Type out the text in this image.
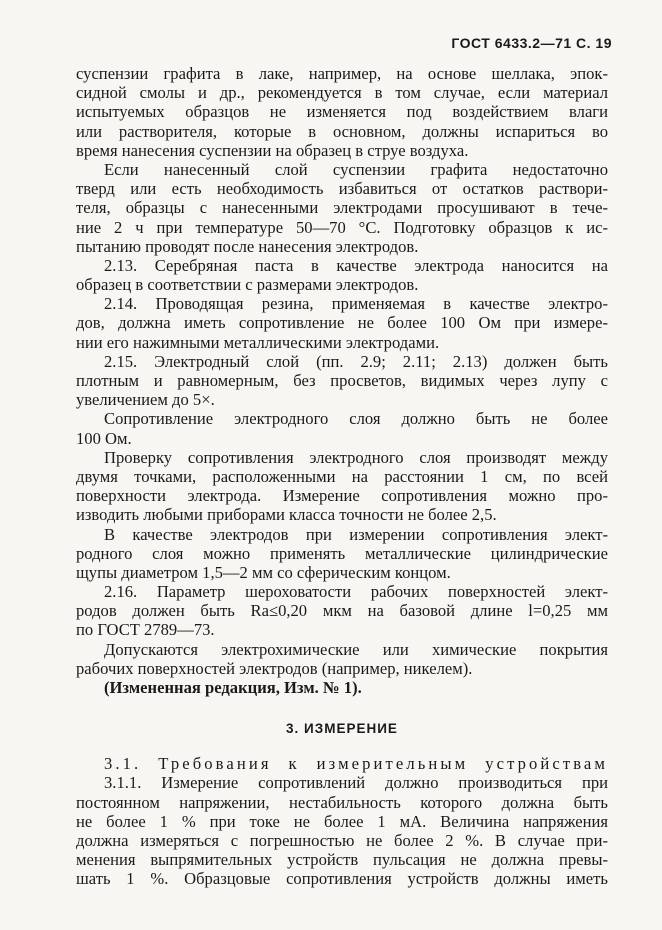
ГОСТ 6433.2—71 С. 19
суспензии графита в лаке, например, на основе шеллака, эпок-
сидной смолы и др., рекомендуется в том случае, если материал
испытуемых образцов не изменяется под воздействием влаги
или растворителя, которые в основном, должны испариться во
время нанесения суспензии на образец в струе воздуха.
Если нанесенный слой суспензии графита недостаточно
тверд или есть необходимость избавиться от остатков раствори-
теля, образцы с нанесенными электродами просушивают в тече-
ние 2 ч при температуре 50—70 °С. Подготовку образцов к ис-
пытанию проводят после нанесения электродов.
2.13. Серебряная паста в качестве электрода наносится на
образец в соответствии с размерами электродов.
2.14. Проводящая резина, применяемая в качестве электро-
дов, должна иметь сопротивление не более 100 Ом при измере-
нии его нажимными металлическими электродами.
2.15. Электродный слой (пп. 2.9; 2.11; 2.13) должен быть
плотным и равномерным, без просветов, видимых через лупу с
увеличением до 5×.
Сопротивление электродного слоя должно быть не более
100 Ом.
Проверку сопротивления электродного слоя производят между
двумя точками, расположенными на расстоянии 1 см, по всей
поверхности электрода. Измерение сопротивления можно про-
изводить любыми приборами класса точности не более 2,5.
В качестве электродов при измерении сопротивления элект-
родного слоя можно применять металлические цилиндрические
щупы диаметром 1,5—2 мм со сферическим концом.
2.16. Параметр шероховатости рабочих поверхностей элект-
родов должен быть Ra≤0,20 мкм на базовой длине l=0,25 мм
по ГОСТ 2789—73.
Допускаются электрохимические или химические покрытия
рабочих поверхностей электродов (например, никелем).
(Измененная редакция, Изм. № 1).
3. ИЗМЕРЕНИЕ
3.1. Требования к измерительным устройствам
3.1.1. Измерение сопротивлений должно производиться при
постоянном напряжении, нестабильность которого должна быть
не более 1 % при токе не более 1 мА. Величина напряжения
должна измеряться с погрешностью не более 2 %. В случае при-
менения выпрямительных устройств пульсация не должна превы-
шать 1 %. Образцовые сопротивления устройств должны иметь
